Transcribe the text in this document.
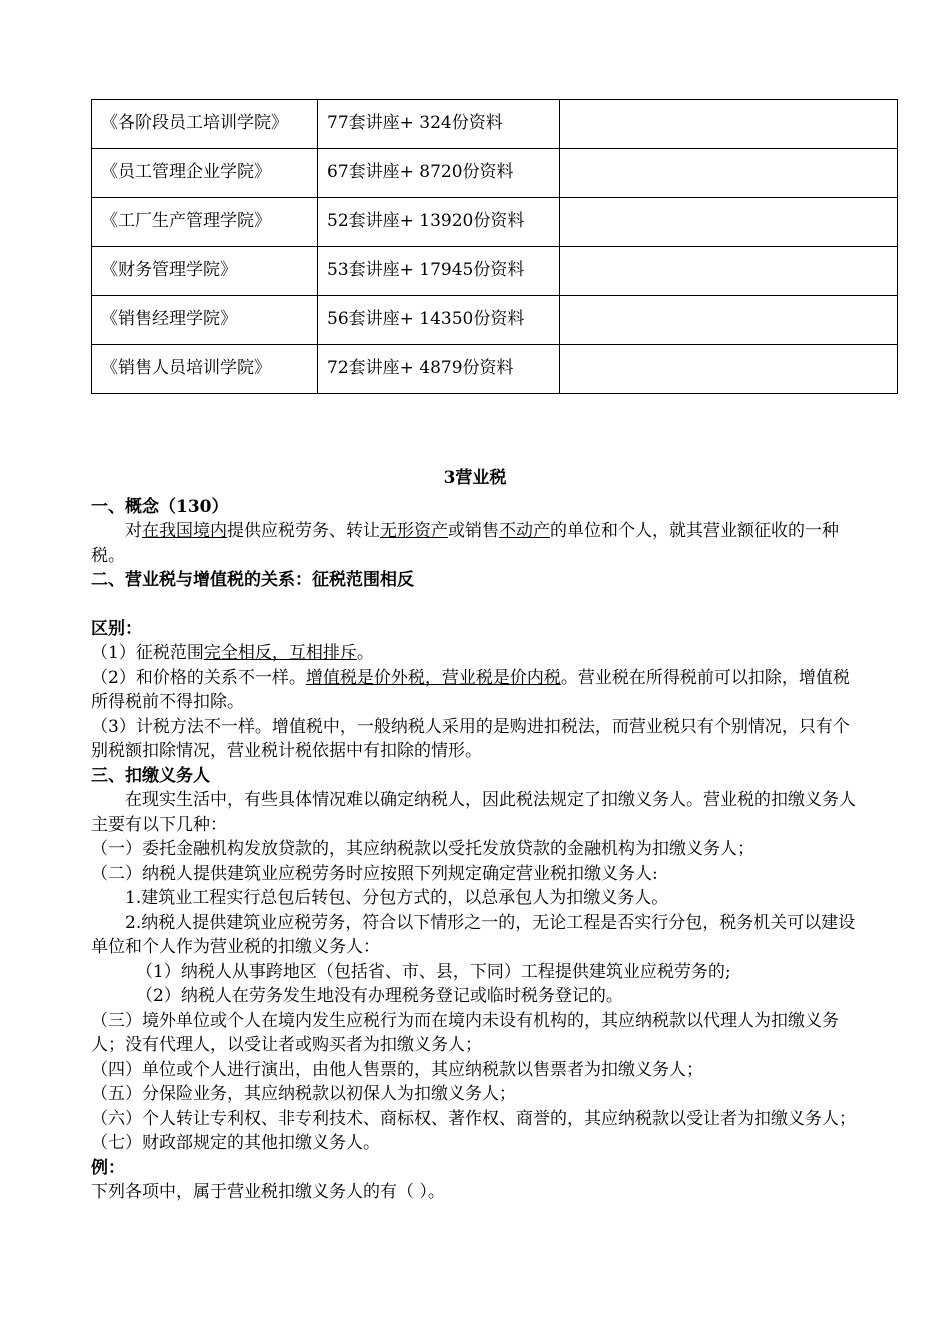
《各阶段员工培训学院》	77套讲座+ 324份资料	
《员工管理企业学院》	67套讲座+ 8720份资料	
《工厂生产管理学院》	52套讲座+ 13920份资料	
《财务管理学院》	53套讲座+ 17945份资料	
《销售经理学院》	56套讲座+ 14350份资料	
《销售人员培训学院》	72套讲座+ 4879份资料	

3营业税

一、概念（130）

对在我国境内提供应税劳务、转让无形资产或销售不动产的单位和个人，就其营业额征收的一种税。

二、营业税与增值税的关系：征税范围相反

区别：

（1）征税范围完全相反，互相排斥。

（2）和价格的关系不一样。增值税是价外税，营业税是价内税。营业税在所得税前可以扣除，增值税所得税前不得扣除。

（3）计税方法不一样。增值税中，一般纳税人采用的是购进扣税法，而营业税只有个别情况，只有个别税额扣除情况，营业税计税依据中有扣除的情形。

三、扣缴义务人

在现实生活中，有些具体情况难以确定纳税人，因此税法规定了扣缴义务人。营业税的扣缴义务人主要有以下几种：

（一）委托金融机构发放贷款的，其应纳税款以受托发放贷款的金融机构为扣缴义务人；

（二）纳税人提供建筑业应税劳务时应按照下列规定确定营业税扣缴义务人:

1.建筑业工程实行总包后转包、分包方式的，以总承包人为扣缴义务人。

2.纳税人提供建筑业应税劳务，符合以下情形之一的，无论工程是否实行分包，税务机关可以建设单位和个人作为营业税的扣缴义务人：

（1）纳税人从事跨地区（包括省、市、县，下同）工程提供建筑业应税劳务的;

（2）纳税人在劳务发生地没有办理税务登记或临时税务登记的。

（三）境外单位或个人在境内发生应税行为而在境内未设有机构的，其应纳税款以代理人为扣缴义务人；没有代理人，以受让者或购买者为扣缴义务人；

（四）单位或个人进行演出，由他人售票的，其应纳税款以售票者为扣缴义务人；

（五）分保险业务，其应纳税款以初保人为扣缴义务人；

（六）个人转让专利权、非专利技术、商标权、著作权、商誉的，其应纳税款以受让者为扣缴义务人；

（七）财政部规定的其他扣缴义务人。

例：

下列各项中，属于营业税扣缴义务人的有（ ）。
